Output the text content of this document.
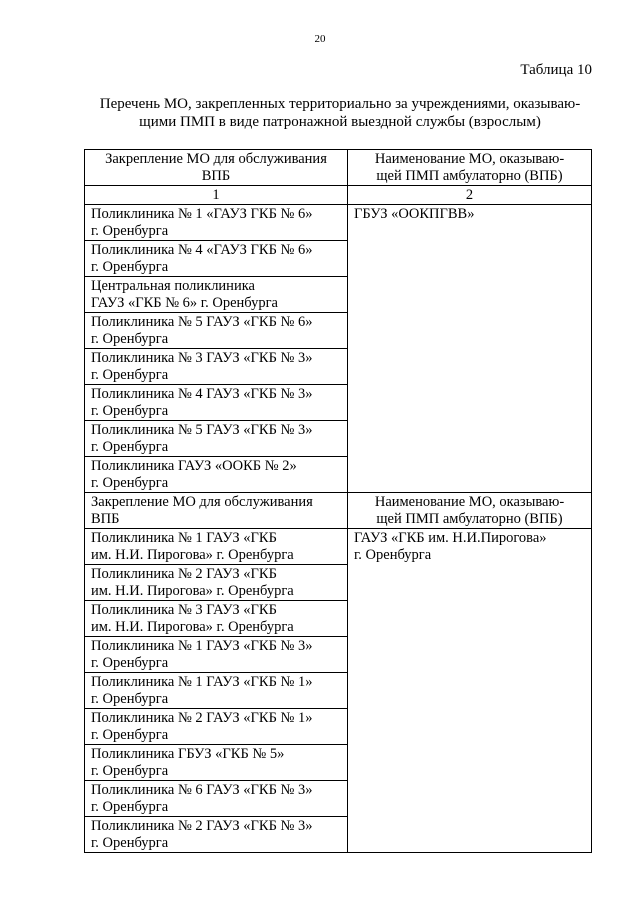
20
Таблица 10
Перечень МО, закрепленных территориально за учреждениями, оказываю-
щими ПМП в виде патронажной выездной службы (взрослым)
Закрепление МО для обслуживания
ВПБ	Наименование МО, оказываю-
щей ПМП амбулаторно (ВПБ)

1	2

Поликлиника № 1 «ГАУЗ ГКБ № 6»
г. Оренбурга	ГБУЗ «ООКПГВВ»

Поликлиника № 4 «ГАУЗ ГКБ № 6»
г. Оренбурга	

Центральная поликлиника
ГАУЗ «ГКБ № 6» г. Оренбурга	

Поликлиника № 5 ГАУЗ «ГКБ № 6»
г. Оренбурга	

Поликлиника № 3 ГАУЗ «ГКБ № 3»
г. Оренбурга	

Поликлиника № 4 ГАУЗ «ГКБ № 3»
г. Оренбурга	

Поликлиника № 5 ГАУЗ «ГКБ № 3»
г. Оренбурга	

Поликлиника ГАУЗ «ООКБ № 2»
г. Оренбурга	

Закрепление МО для обслуживания
ВПБ	Наименование МО, оказываю-
щей ПМП амбулаторно (ВПБ)

Поликлиника № 1 ГАУЗ «ГКБ
им. Н.И. Пирогова» г. Оренбурга	ГАУЗ «ГКБ им. Н.И.Пирогова»
г. Оренбурга

Поликлиника № 2 ГАУЗ «ГКБ
им. Н.И. Пирогова» г. Оренбурга	

Поликлиника № 3 ГАУЗ «ГКБ
им. Н.И. Пирогова» г. Оренбурга	

Поликлиника № 1 ГАУЗ «ГКБ № 3»
г. Оренбурга	

Поликлиника № 1 ГАУЗ «ГКБ № 1»
г. Оренбурга	

Поликлиника № 2 ГАУЗ «ГКБ № 1»
г. Оренбурга	

Поликлиника ГБУЗ «ГКБ № 5»
г. Оренбурга	

Поликлиника № 6 ГАУЗ «ГКБ № 3»
г. Оренбурга	

Поликлиника № 2 ГАУЗ «ГКБ № 3»
г. Оренбурга	
